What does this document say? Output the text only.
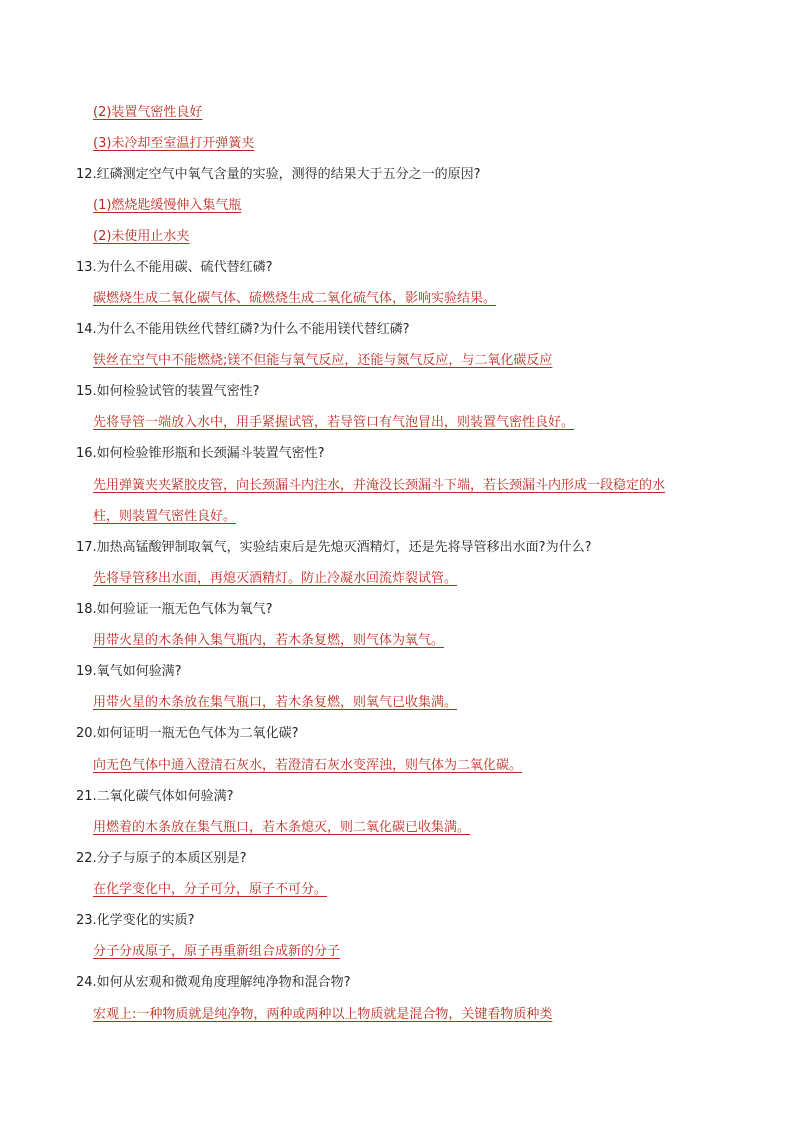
(2)装置气密性良好
(3)未冷却至室温打开弹簧夹
12.红磷测定空气中氧气含量的实验，测得的结果大于五分之一的原因?
(1)燃烧匙缓慢伸入集气瓶
(2)未使用止水夹
13.为什么不能用碳、硫代替红磷?
碳燃烧生成二氧化碳气体、硫燃烧生成二氧化硫气体，影响实验结果。
14.为什么不能用铁丝代替红磷?为什么不能用镁代替红磷?
铁丝在空气中不能燃烧;镁不但能与氧气反应，还能与氮气反应，与二氧化碳反应
15.如何检验试管的装置气密性?
先将导管一端放入水中，用手紧握试管，若导管口有气泡冒出，则装置气密性良好。
16.如何检验锥形瓶和长颈漏斗装置气密性?
先用弹簧夹夹紧胶皮管，向长颈漏斗内注水，并淹没长颈漏斗下端，若长颈漏斗内形成一段稳定的水
柱，则装置气密性良好。
17.加热高锰酸钾制取氧气，实验结束后是先熄灭酒精灯，还是先将导管移出水面?为什么?
先将导管移出水面，再熄灭酒精灯。防止冷凝水回流炸裂试管。
18.如何验证一瓶无色气体为氧气?
用带火星的木条伸入集气瓶内，若木条复燃，则气体为氧气。
19.氧气如何验满?
用带火星的木条放在集气瓶口，若木条复燃，则氧气已收集满。
20.如何证明一瓶无色气体为二氧化碳?
向无色气体中通入澄清石灰水，若澄清石灰水变浑浊，则气体为二氧化碳。
21.二氧化碳气体如何验满?
用燃着的木条放在集气瓶口，若木条熄灭，则二氧化碳已收集满。
22.分子与原子的本质区别是?
在化学变化中，分子可分，原子不可分。
23.化学变化的实质?
分子分成原子，原子再重新组合成新的分子
24.如何从宏观和微观角度理解纯净物和混合物?
宏观上:一种物质就是纯净物，两种或两种以上物质就是混合物，关键看物质种类
